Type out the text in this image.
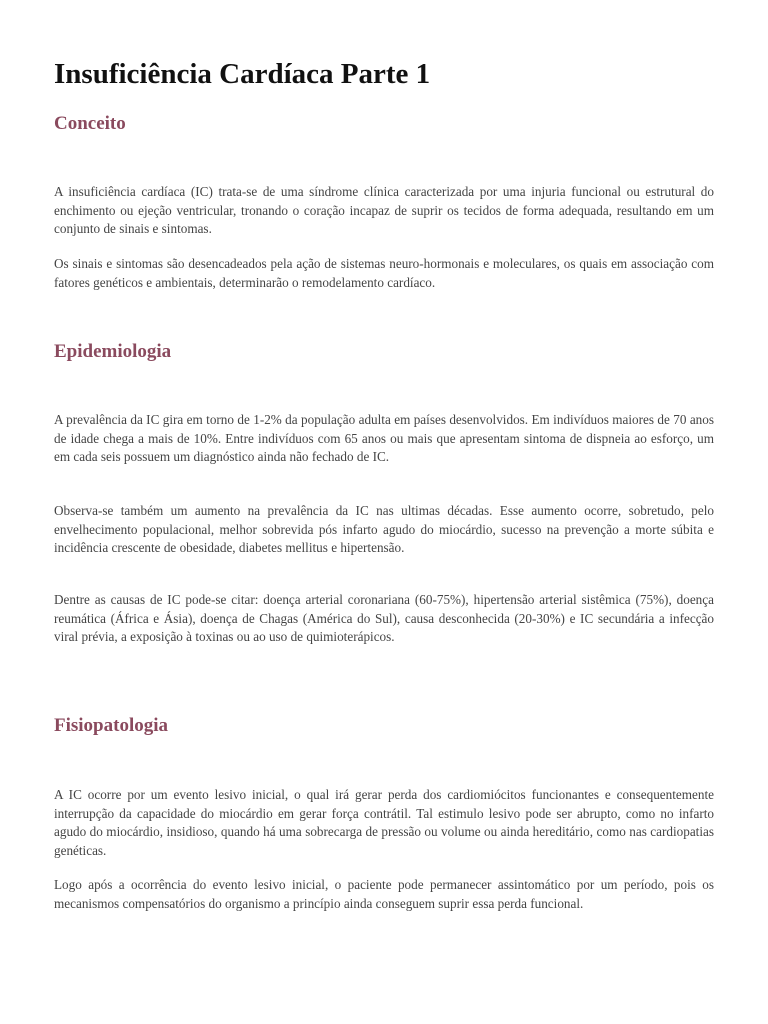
Insuficiência Cardíaca Parte 1
Conceito

A insuficiência cardíaca (IC) trata-se de uma síndrome clínica caracterizada por uma injuria funcional ou estrutural do enchimento ou ejeção ventricular, tronando o coração incapaz de suprir os tecidos de forma adequada, resultando em um conjunto de sinais e sintomas.

Os sinais e sintomas são desencadeados pela ação de sistemas neuro-hormonais e moleculares, os quais em associação com fatores genéticos e ambientais, determinarão o remodelamento cardíaco.

Epidemiologia

A prevalência da IC gira em torno de 1-2% da população adulta em países desenvolvidos. Em indivíduos maiores de 70 anos de idade chega a mais de 10%. Entre indivíduos com 65 anos ou mais que apresentam sintoma de dispneia ao esforço, um em cada seis possuem um diagnóstico ainda não fechado de IC.

Observa-se também um aumento na prevalência da IC nas ultimas décadas. Esse aumento ocorre, sobretudo, pelo envelhecimento populacional, melhor sobrevida pós infarto agudo do miocárdio, sucesso na prevenção a morte súbita e incidência crescente de obesidade, diabetes mellitus e hipertensão.

Dentre as causas de IC pode-se citar: doença arterial coronariana (60-75%), hipertensão arterial sistêmica (75%), doença reumática (África e Ásia), doença de Chagas (América do Sul), causa desconhecida (20-30%) e IC secundária a infecção viral prévia, a exposição à toxinas ou ao uso de quimioterápicos.

Fisiopatologia

A IC ocorre por um evento lesivo inicial, o qual irá gerar perda dos cardiomiócitos funcionantes e consequentemente interrupção da capacidade do miocárdio em gerar força contrátil. Tal estimulo lesivo pode ser abrupto, como no infarto agudo do miocárdio, insidioso, quando há uma sobrecarga de pressão ou volume ou ainda hereditário, como nas cardiopatias genéticas.

Logo após a ocorrência do evento lesivo inicial, o paciente pode permanecer assintomático por um período, pois os mecanismos compensatórios do organismo a princípio ainda conseguem suprir essa perda funcional.
